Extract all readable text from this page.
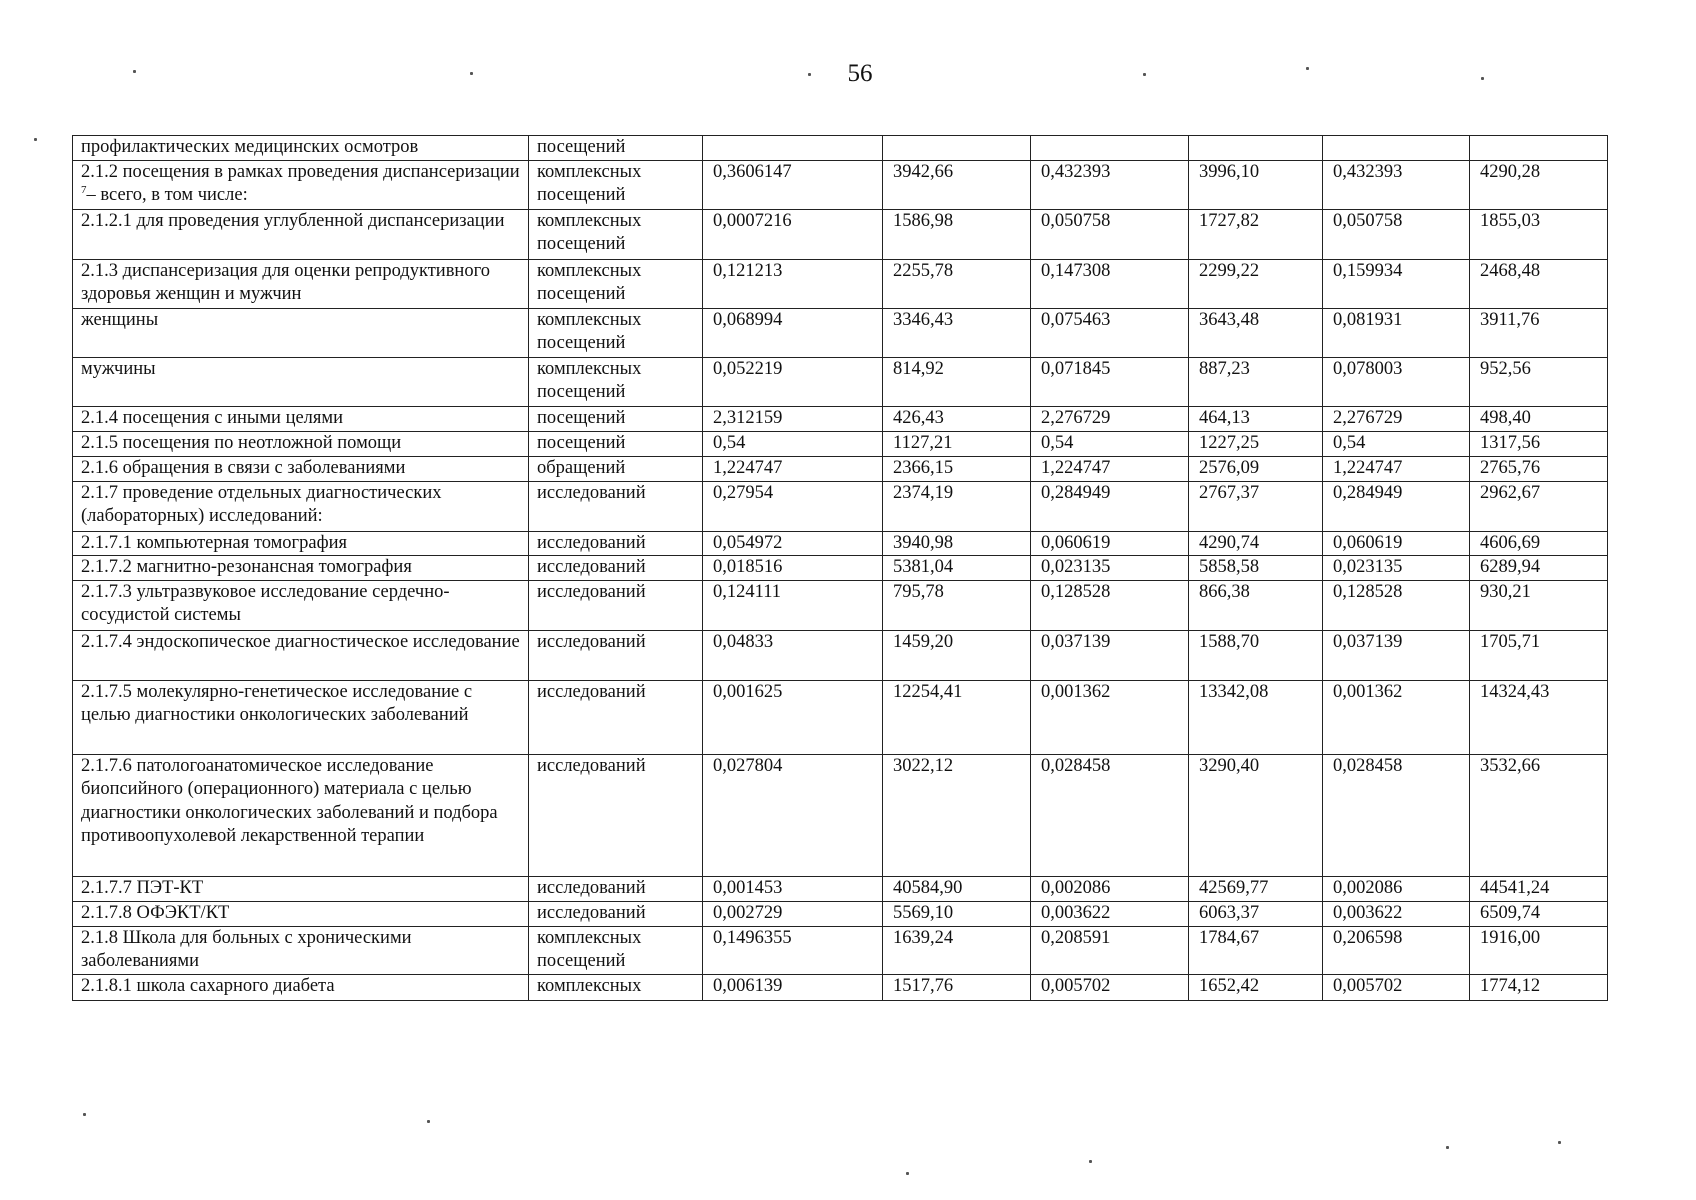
56
профилактических медицинских осмотров	посещений						
2.1.2 посещения в рамках проведения диспансеризации $^7$– всего, в том числе:	комплексных посещений	0,3606147	3942,66	0,432393	3996,10	0,432393	4290,28
2.1.2.1 для проведения углубленной диспансеризации	комплексных посещений	0,0007216	1586,98	0,050758	1727,82	0,050758	1855,03
2.1.3 диспансеризация для оценки репродуктивного здоровья женщин и мужчин	комплексных посещений	0,121213	2255,78	0,147308	2299,22	0,159934	2468,48
женщины	комплексных посещений	0,068994	3346,43	0,075463	3643,48	0,081931	3911,76
мужчины	комплексных посещений	0,052219	814,92	0,071845	887,23	0,078003	952,56
2.1.4 посещения с иными целями	посещений	2,312159	426,43	2,276729	464,13	2,276729	498,40
2.1.5 посещения по неотложной помощи	посещений	0,54	1127,21	0,54	1227,25	0,54	1317,56
2.1.6 обращения в связи с заболеваниями	обращений	1,224747	2366,15	1,224747	2576,09	1,224747	2765,76
2.1.7 проведение отдельных диагностических (лабораторных) исследований:	исследований	0,27954	2374,19	0,284949	2767,37	0,284949	2962,67
2.1.7.1 компьютерная томография	исследований	0,054972	3940,98	0,060619	4290,74	0,060619	4606,69
2.1.7.2 магнитно-резонансная томография	исследований	0,018516	5381,04	0,023135	5858,58	0,023135	6289,94
2.1.7.3 ультразвуковое исследование сердечно-сосудистой системы	исследований	0,124111	795,78	0,128528	866,38	0,128528	930,21
2.1.7.4 эндоскопическое диагностическое исследование	исследований	0,04833	1459,20	0,037139	1588,70	0,037139	1705,71
2.1.7.5 молекулярно-генетическое исследование с целью диагностики онкологических заболеваний	исследований	0,001625	12254,41	0,001362	13342,08	0,001362	14324,43
2.1.7.6 патологоанатомическое исследование биопсийного (операционного) материала с целью диагностики онкологических заболеваний и подбора противоопухолевой лекарственной терапии	исследований	0,027804	3022,12	0,028458	3290,40	0,028458	3532,66
2.1.7.7 ПЭТ-КТ	исследований	0,001453	40584,90	0,002086	42569,77	0,002086	44541,24
2.1.7.8 ОФЭКТ/КТ	исследований	0,002729	5569,10	0,003622	6063,37	0,003622	6509,74
2.1.8 Школа для больных с хроническими заболеваниями	комплексных посещений	0,1496355	1639,24	0,208591	1784,67	0,206598	1916,00
2.1.8.1 школа сахарного диабета	комплексных	0,006139	1517,76	0,005702	1652,42	0,005702	1774,12
